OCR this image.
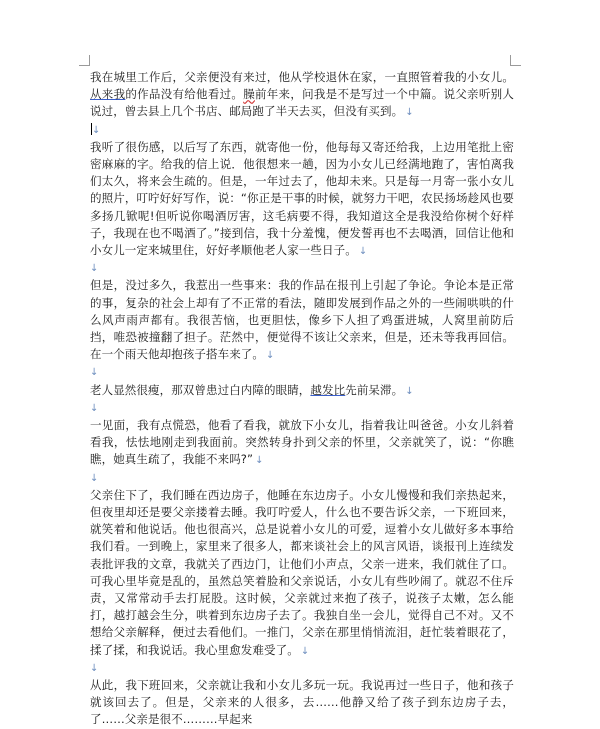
我在城里工作后，父亲便没有来过，他从学校退休在家，一直照管着我的小女儿。从来我的作品没有给他看过。臊前年来，问我是不是写过一个中篇。说父亲听别人说过，曾去县上几个书店、邮局跑了半天去买，但没有买到。 ↓

↓

我听了很伤感，以后写了东西，就寄他一份，他每每又寄还给我，上边用笔批上密密麻麻的字。给我的信上说．他很想来一趟，因为小女儿已经满地跑了，害怕离我们太久，将来会生疏的。但是，一年过去了，他却未来。只是每一月寄一张小女儿的照片，叮咛好好写作，说：“你正是干事的时候，就努力干吧，农民扬场趁风也要多扬几锨呢!但听说你喝酒厉害，这毛病要不得，我知道这全是我没给你树个好样子，我现在也不喝酒了。”接到信，我十分羞愧，便发誓再也不去喝酒，回信让他和小女儿一定来城里住，好好孝顺他老人家一些日子。 ↓

↓

但是，没过多久，我惹出一些事来：我的作品在报刊上引起了争论。争论本是正常的事，复杂的社会上却有了不正常的看法，随即发展到作品之外的一些闹哄哄的什么风声雨声都有。我很苦恼，也更胆怯，像乡下人担了鸡蛋进城，人窝里前防后挡，唯恐被撞翻了担子。茫然中，便觉得不该让父亲来，但是，还未等我再回信。在一个雨天他却抱孩子搭车来了。 ↓

↓

老人显然很瘦，那双曾患过白内障的眼睛，越发比先前呆滞。 ↓

↓

一见面，我有点慌恐，他看了看我，就放下小女儿，指着我让叫爸爸。小女儿斜着看我，怯怯地刚走到我面前。突然转身扑到父亲的怀里，父亲就笑了，说：“你瞧瞧，她真生疏了，我能不来吗?” ↓

↓

父亲住下了，我们睡在西边房子，他睡在东边房子。小女儿慢慢和我们亲热起来，但夜里却还是要父亲搂着去睡。我叮咛爱人，什么也不要告诉父亲，一下班回来，就笑着和他说话。他也很高兴，总是说着小女儿的可爱，逗着小女儿做好多本事给我们看。一到晚上，家里来了很多人，都来谈社会上的风言风语，谈报刊上连续发表批评我的文章，我就关了西边门，让他们小声点，父亲一进来，我们就住了口。可我心里毕竟是乱的，虽然总笑着脸和父亲说话，小女儿有些吵闹了。就忍不住斥责，又常常动手去打屁股。这时候，父亲就过来抱了孩子，说孩子太嫩，怎么能打，越打越会生分，哄着到东边房子去了。我独自坐一会儿，觉得自己不对。又不想给父亲解释，便过去看他们。一推门，父亲在那里悄悄流泪，赶忙装着眼花了，揉了揉，和我说话。我心里愈发难受了。 ↓

↓

从此，我下班回来，父亲就让我和小女儿多玩一玩。我说再过一些日子，他和孩子就该回去了。但是，父亲来的人很多，去……他静又给了孩子到东边房子去，了……父亲是很不………早起来
